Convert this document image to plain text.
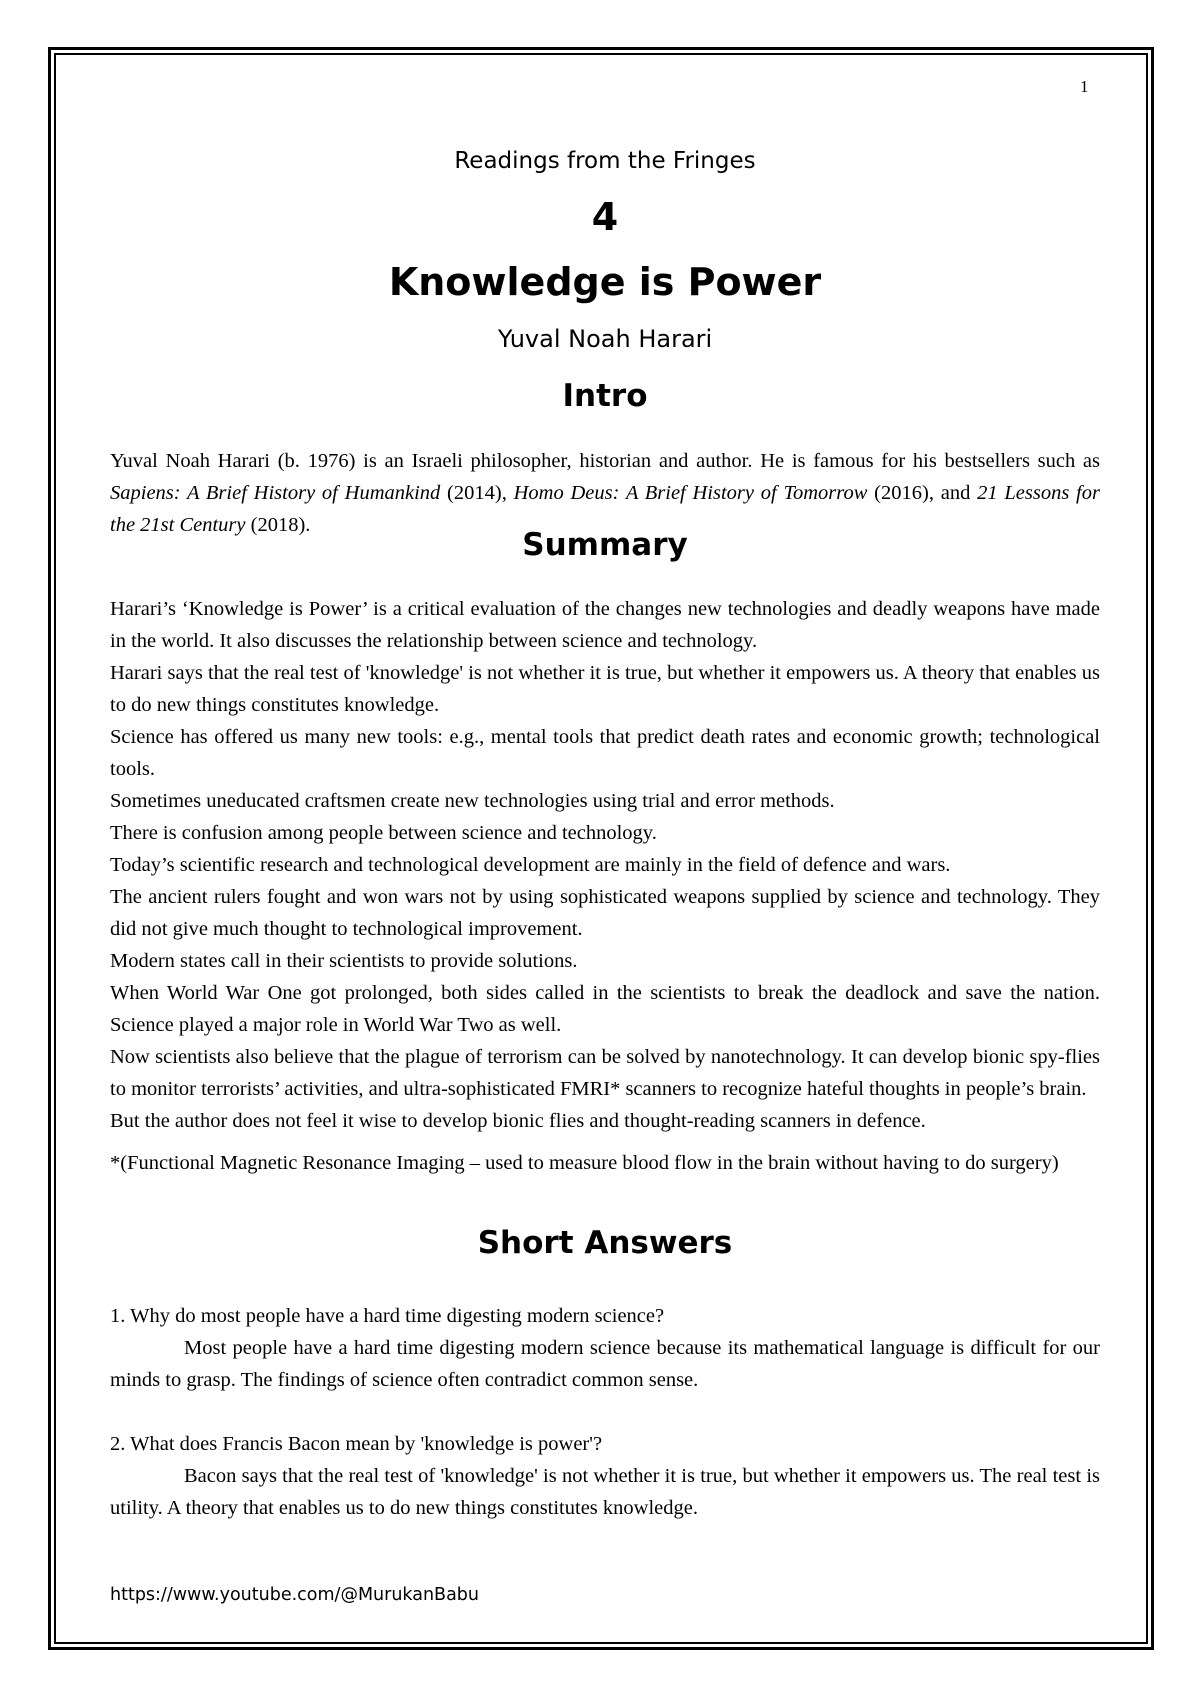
1
Readings from the Fringes
4
Knowledge is Power
Yuval Noah Harari
Intro
Yuval Noah Harari (b. 1976) is an Israeli philosopher, historian and author. He is famous for his bestsellers such as Sapiens: A Brief History of Humankind (2014), Homo Deus: A Brief History of Tomorrow (2016), and 21 Lessons for the 21st Century (2018).
Summary
Harari’s ‘Knowledge is Power’ is a critical evaluation of the changes new technologies and deadly weapons have made in the world. It also discusses the relationship between science and technology.
Harari says that the real test of 'knowledge' is not whether it is true, but whether it empowers us. A theory that enables us to do new things constitutes knowledge.
Science has offered us many new tools: e.g., mental tools that predict death rates and economic growth; technological tools.
Sometimes uneducated craftsmen create new technologies using trial and error methods.
There is confusion among people between science and technology.
Today’s scientific research and technological development are mainly in the field of defence and wars.
The ancient rulers fought and won wars not by using sophisticated weapons supplied by science and technology. They did not give much thought to technological improvement.
Modern states call in their scientists to provide solutions.
When World War One got prolonged, both sides called in the scientists to break the deadlock and save the nation. Science played a major role in World War Two as well.
Now scientists also believe that the plague of terrorism can be solved by nanotechnology. It can develop bionic spy-flies to monitor terrorists’ activities, and ultra-sophisticated FMRI* scanners to recognize hateful thoughts in people’s brain.
But the author does not feel it wise to develop bionic flies and thought-reading scanners in defence.
*(Functional Magnetic Resonance Imaging – used to measure blood flow in the brain without having to do surgery)
Short Answers
1. Why do most people have a hard time digesting modern science?
Most people have a hard time digesting modern science because its mathematical language is difficult for our minds to grasp. The findings of science often contradict common sense.
2. What does Francis Bacon mean by 'knowledge is power'?
Bacon says that the real test of 'knowledge' is not whether it is true, but whether it empowers us. The real test is utility. A theory that enables us to do new things constitutes knowledge.
https://www.youtube.com/@MurukanBabu
